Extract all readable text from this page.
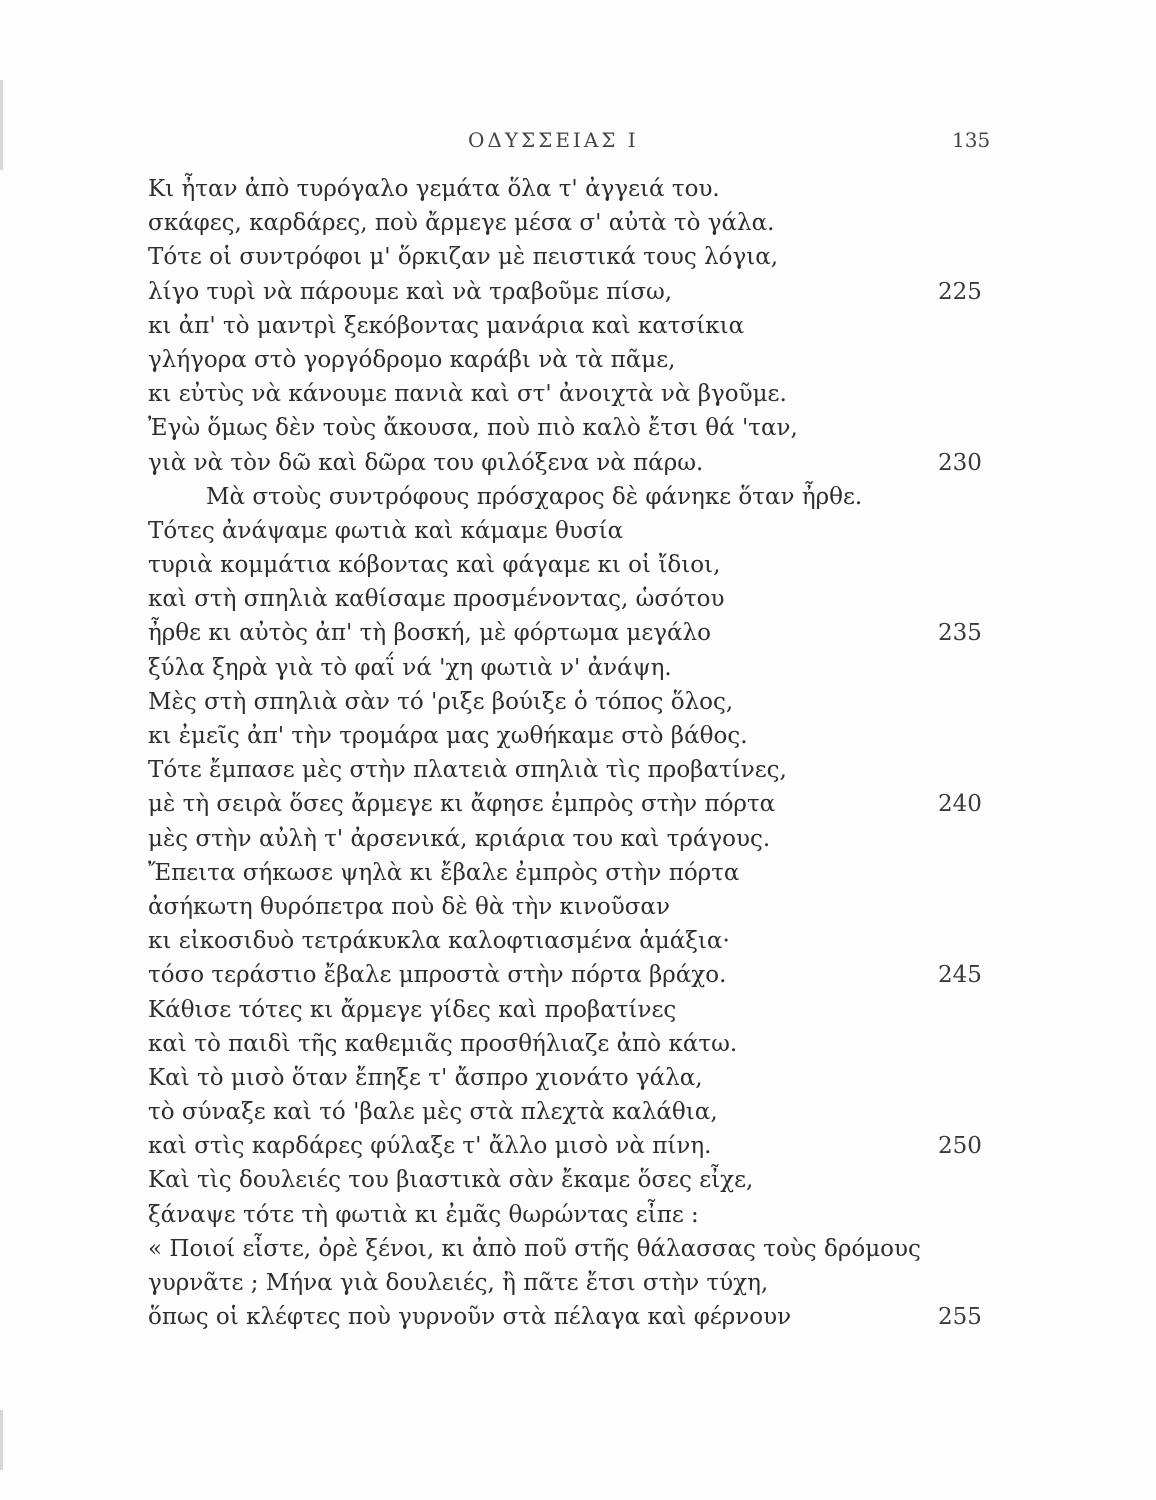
ΟΔΥΣΣΕΙΑΣ Ι	135
Κι ἦταν ἀπὸ τυρόγαλο γεμάτα ὅλα τ' ἀγγειά του.
σκάφες, καρδάρες, ποὺ ἄρμεγε μέσα σ' αὐτὰ τὸ γάλα.
Τότε οἱ συντρόφοι μ' ὅρκιζαν μὲ πειστικά τους λόγια,
λίγο τυρὶ νὰ πάρουμε καὶ νὰ τραβοῦμε πίσω,	225
κι ἀπ' τὸ μαντρὶ ξεκόβοντας μανάρια καὶ κατσίκια
γλήγορα στὸ γοργόδρομο καράβι νὰ τὰ πᾶμε,
κι εὐτὺς νὰ κάνουμε πανιὰ καὶ στ' ἀνοιχτὰ νὰ βγοῦμε.
Ἐγὼ ὅμως δὲν τοὺς ἄκουσα, ποὺ πιὸ καλὸ ἔτσι θά 'ταν,
γιὰ νὰ τὸν δῶ καὶ δῶρα του φιλόξενα νὰ πάρω.	230
Μὰ στοὺς συντρόφους πρόσχαρος δὲ φάνηκε ὅταν ἦρθε.
Τότες ἀνάψαμε φωτιὰ καὶ κάμαμε θυσία
τυριὰ κομμάτια κόβοντας καὶ φάγαμε κι οἱ ἴδιοι,
καὶ στὴ σπηλιὰ καθίσαμε προσμένοντας, ὡσότου
ἦρθε κι αὐτὸς ἀπ' τὴ βοσκή, μὲ φόρτωμα μεγάλο	235
ξύλα ξηρὰ γιὰ τὸ φαΐ νά 'χη φωτιὰ ν' ἀνάψη.
Μὲς στὴ σπηλιὰ σὰν τό 'ριξε βούιξε ὁ τόπος ὅλος,
κι ἐμεῖς ἀπ' τὴν τρομάρα μας χωθήκαμε στὸ βάθος.
Τότε ἔμπασε μὲς στὴν πλατειὰ σπηλιὰ τὶς προβατίνες,
μὲ τὴ σειρὰ ὅσες ἄρμεγε κι ἄφησε ἐμπρὸς στὴν πόρτα	240
μὲς στὴν αὐλὴ τ' ἀρσενικά, κριάρια του καὶ τράγους.
Ἔπειτα σήκωσε ψηλὰ κι ἔβαλε ἐμπρὸς στὴν πόρτα
ἀσήκωτη θυρόπετρα ποὺ δὲ θὰ τὴν κινοῦσαν
κι εἰκοσιδυὸ τετράκυκλα καλοφτιασμένα ἁμάξια·
τόσο τεράστιο ἔβαλε μπροστὰ στὴν πόρτα βράχο.	245
Κάθισε τότες κι ἄρμεγε γίδες καὶ προβατίνες
καὶ τὸ παιδὶ τῆς καθεμιᾶς προσθήλιαζε ἀπὸ κάτω.
Καὶ τὸ μισὸ ὅταν ἔπηξε τ' ἄσπρο χιονάτο γάλα,
τὸ σύναξε καὶ τό 'βαλε μὲς στὰ πλεχτὰ καλάθια,
καὶ στὶς καρδάρες φύλαξε τ' ἄλλο μισὸ νὰ πίνη.	250
Καὶ τὶς δουλειές του βιαστικὰ σὰν ἔκαμε ὅσες εἶχε,
ξάναψε τότε τὴ φωτιὰ κι ἐμᾶς θωρώντας εἶπε :
« Ποιοί εἶστε, ὀρὲ ξένοι, κι ἀπὸ ποῦ στῆς θάλασσας τοὺς δρόμους
γυρνᾶτε ; Μήνα γιὰ δουλειές, ἢ πᾶτε ἔτσι στὴν τύχη,
ὅπως οἱ κλέφτες ποὺ γυρνοῦν στὰ πέλαγα καὶ φέρνουν	255
